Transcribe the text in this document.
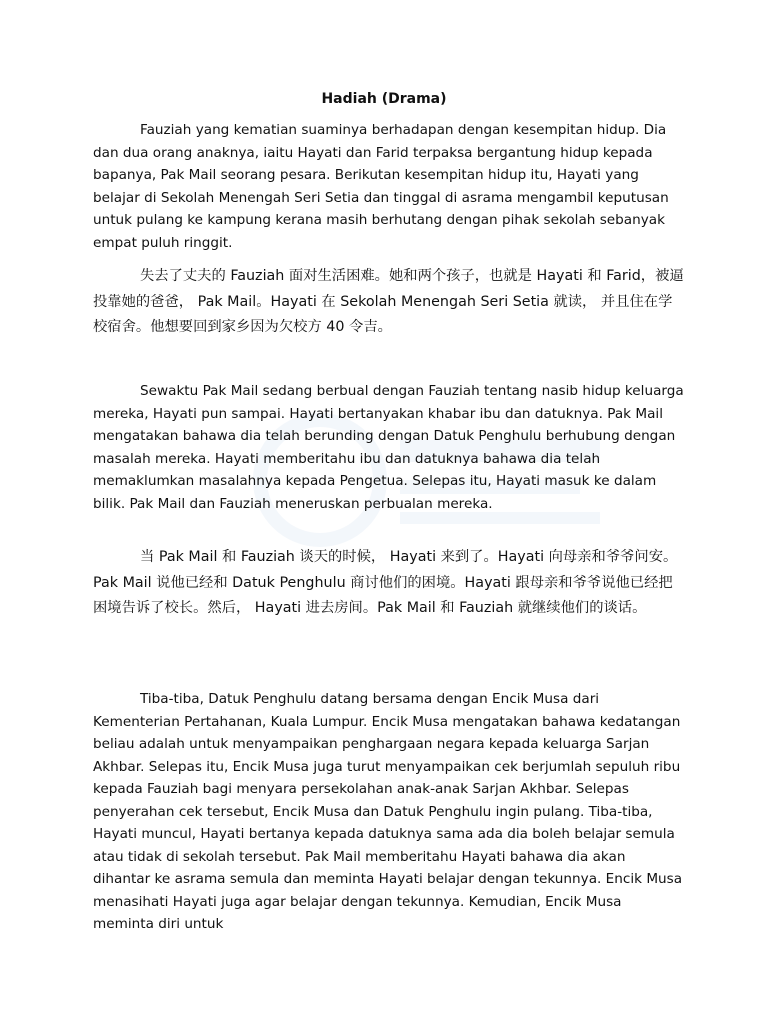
Hadiah (Drama)

Fauziah yang kematian suaminya berhadapan dengan kesempitan hidup. Dia dan dua orang anaknya, iaitu Hayati dan Farid terpaksa bergantung hidup kepada bapanya, Pak Mail seorang pesara. Berikutan kesempitan hidup itu, Hayati yang belajar di Sekolah Menengah Seri Setia dan tinggal di asrama mengambil keputusan untuk pulang ke kampung kerana masih berhutang dengan pihak sekolah sebanyak empat puluh ringgit.

失去了丈夫的 Fauziah 面对生活困难。她和两个孩子，也就是 Hayati 和 Farid，被逼投靠她的爸爸， Pak Mail。Hayati 在 Sekolah Menengah Seri Setia 就读， 并且住在学校宿舍。他想要回到家乡因为欠校方 40 令吉。

Sewaktu Pak Mail sedang berbual dengan Fauziah tentang nasib hidup keluarga mereka, Hayati pun sampai. Hayati bertanyakan khabar ibu dan datuknya. Pak Mail mengatakan bahawa dia telah berunding dengan Datuk Penghulu berhubung dengan masalah mereka. Hayati memberitahu ibu dan datuknya bahawa dia telah memaklumkan masalahnya kepada Pengetua. Selepas itu, Hayati masuk ke dalam bilik. Pak Mail dan Fauziah meneruskan perbualan mereka.

当 Pak Mail 和 Fauziah 谈天的时候， Hayati 来到了。Hayati 向母亲和爷爷问安。Pak Mail 说他已经和 Datuk Penghulu 商讨他们的困境。Hayati 跟母亲和爷爷说他已经把困境告诉了校长。然后， Hayati 进去房间。Pak Mail 和 Fauziah 就继续他们的谈话。

Tiba-tiba, Datuk Penghulu datang bersama dengan Encik Musa dari Kementerian Pertahanan, Kuala Lumpur. Encik Musa mengatakan bahawa kedatangan beliau adalah untuk menyampaikan penghargaan negara kepada keluarga Sarjan Akhbar. Selepas itu, Encik Musa juga turut menyampaikan cek berjumlah sepuluh ribu kepada Fauziah bagi menyara persekolahan anak-anak Sarjan Akhbar. Selepas penyerahan cek tersebut, Encik Musa dan Datuk Penghulu ingin pulang. Tiba-tiba, Hayati muncul, Hayati bertanya kepada datuknya sama ada dia boleh belajar semula atau tidak di sekolah tersebut. Pak Mail memberitahu Hayati bahawa dia akan dihantar ke asrama semula dan meminta Hayati belajar dengan tekunnya. Encik Musa menasihati Hayati juga agar belajar dengan tekunnya. Kemudian, Encik Musa meminta diri untuk
